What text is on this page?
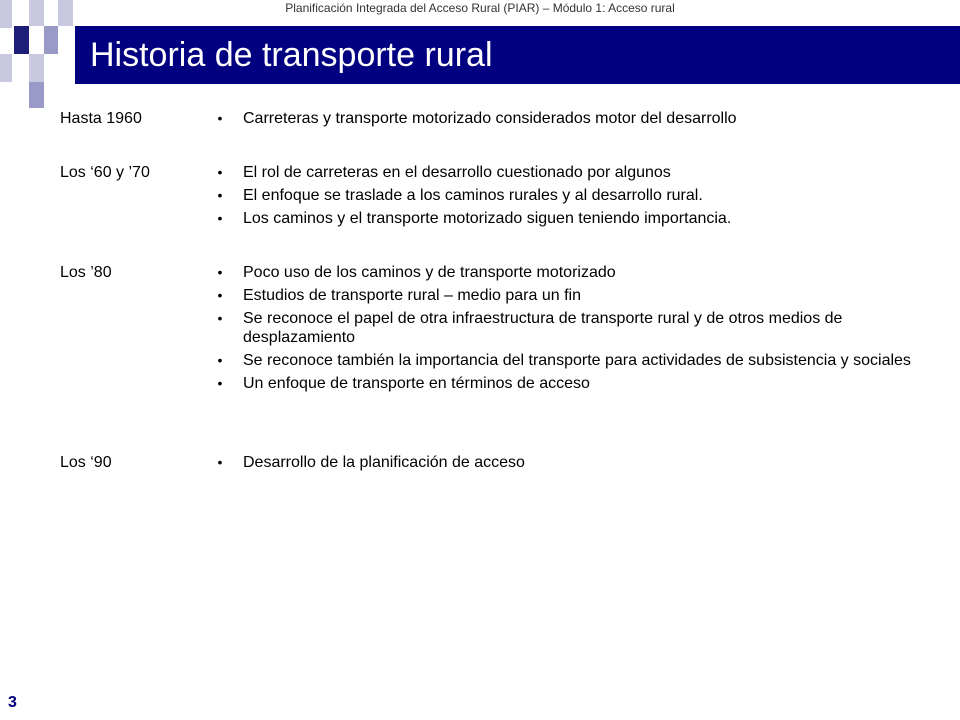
Planificación Integrada del Acceso Rural (PIAR) – Módulo 1: Acceso rural
Historia de transporte rural
Hasta 1960	• Carreteras y transporte motorizado considerados motor del desarrollo
Los ‘60 y ’70	• El rol de carreteras en el desarrollo cuestionado por algunos
• El enfoque se traslade a los caminos rurales y al desarrollo rural.
• Los caminos y el transporte motorizado siguen teniendo importancia.
Los ’80	• Poco uso de los caminos y de transporte motorizado
• Estudios de transporte rural – medio para un fin
• Se reconoce el papel de otra infraestructura de transporte rural y de otros medios de desplazamiento
• Se reconoce también la importancia del transporte para actividades de subsistencia y sociales
• Un enfoque de transporte en términos de acceso
Los ‘90	• Desarrollo de la planificación de acceso
3
